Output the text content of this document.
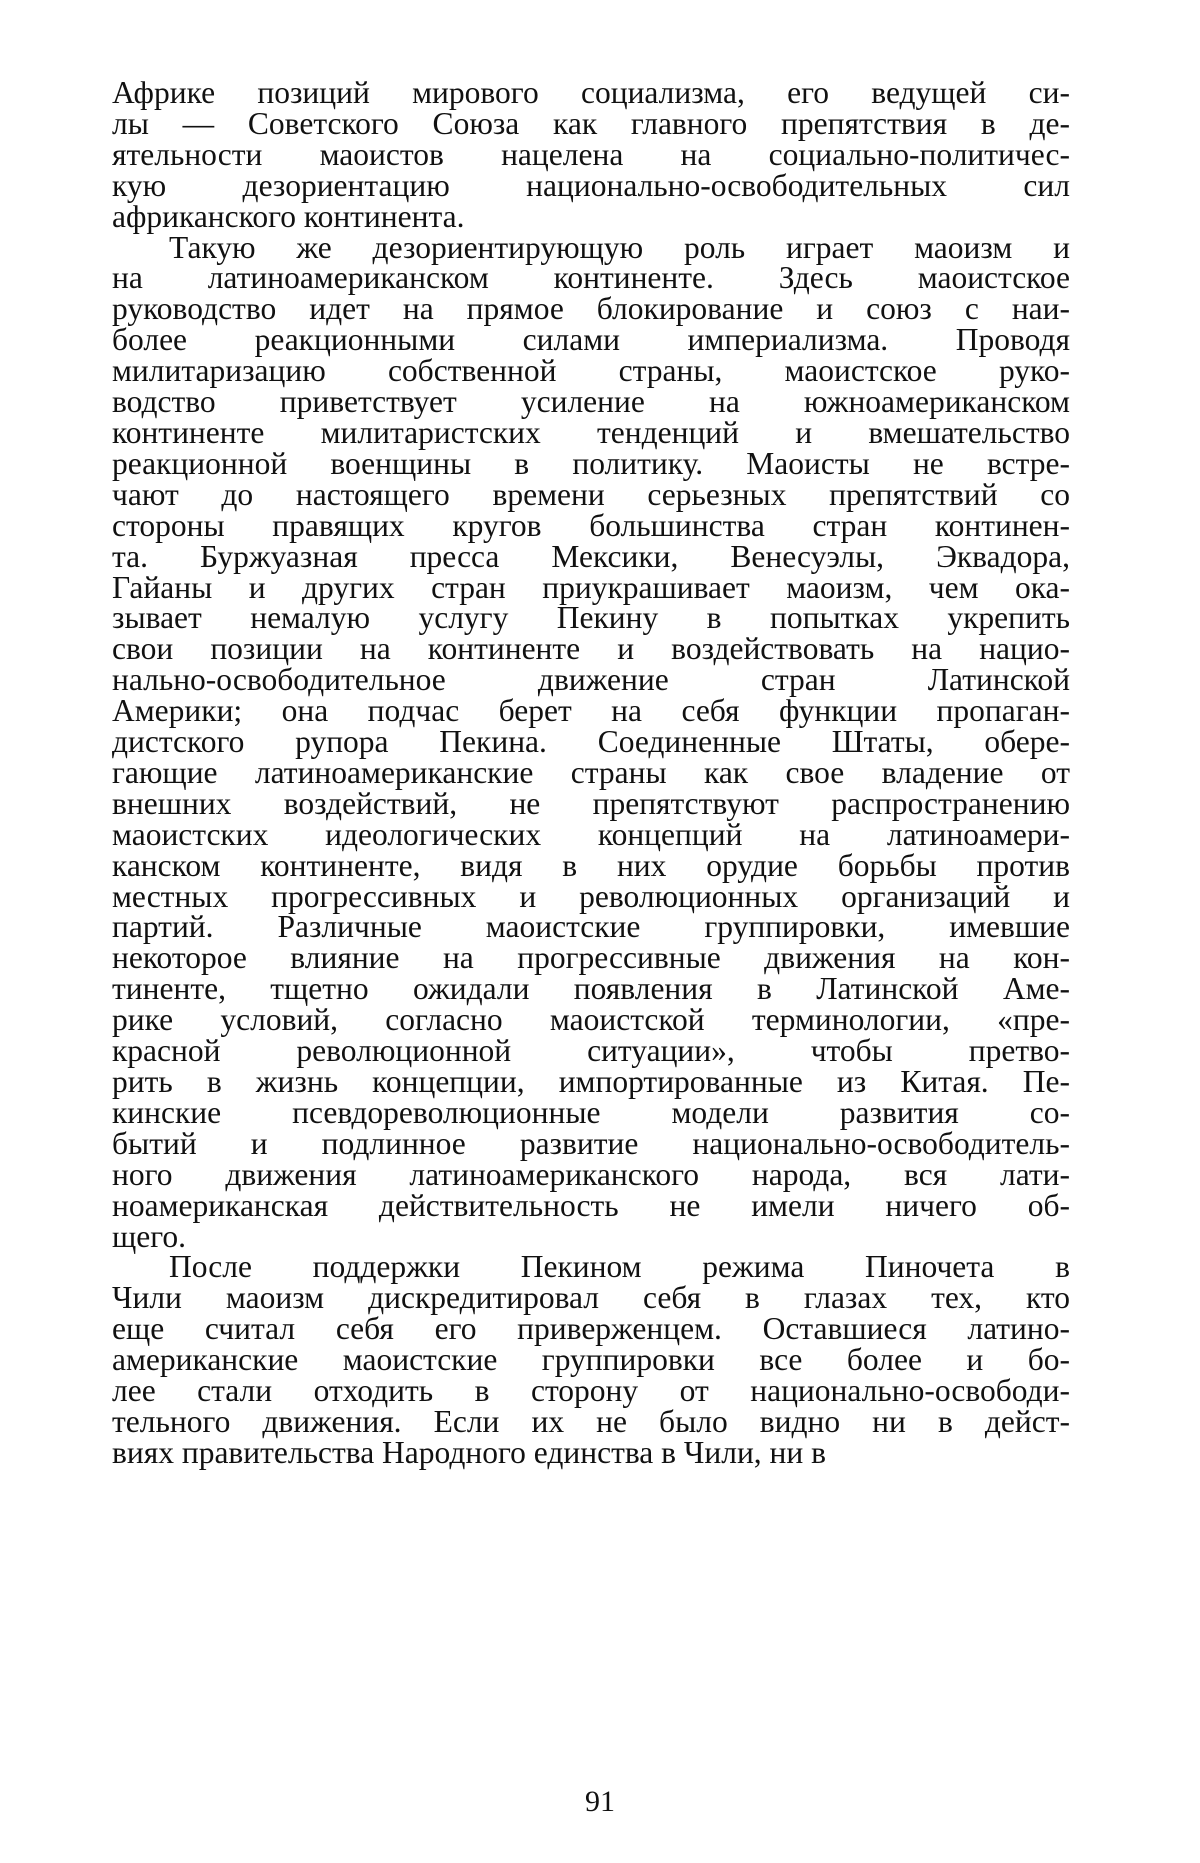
Африке позиций мирового социализма, его ведущей си-
лы — Советского Союза как главного препятствия в де-
ятельности маоистов нацелена на социально-политичес-
кую дезориентацию национально-освободительных сил
африканского континента.

Такую же дезориентирующую роль играет маоизм и
на латиноамериканском континенте. Здесь маоистское
руководство идет на прямое блокирование и союз с наи-
более реакционными силами империализма. Проводя
милитаризацию собственной страны, маоистское руко-
водство приветствует усиление на южноамериканском
континенте милитаристских тенденций и вмешательство
реакционной военщины в политику. Маоисты не встре-
чают до настоящего времени серьезных препятствий со
стороны правящих кругов большинства стран континен-
та. Буржуазная пресса Мексики, Венесуэлы, Эквадора,
Гайаны и других стран приукрашивает маоизм, чем ока-
зывает немалую услугу Пекину в попытках укрепить
свои позиции на континенте и воздействовать на нацио-
нально-освободительное движение стран Латинской
Америки; она подчас берет на себя функции пропаган-
дистского рупора Пекина. Соединенные Штаты, обере-
гающие латиноамериканские страны как свое владение от
внешних воздействий, не препятствуют распространению
маоистских идеологических концепций на латиноамери-
канском континенте, видя в них орудие борьбы против
местных прогрессивных и революционных организаций и
партий. Различные маоистские группировки, имевшие
некоторое влияние на прогрессивные движения на кон-
тиненте, тщетно ожидали появления в Латинской Аме-
рике условий, согласно маоистской терминологии, «пре-
красной революционной ситуации», чтобы претво-
рить в жизнь концепции, импортированные из Китая. Пе-
кинские псевдореволюционные модели развития со-
бытий и подлинное развитие национально-освободитель-
ного движения латиноамериканского народа, вся лати-
ноамериканская действительность не имели ничего об-
щего.

После поддержки Пекином режима Пиночета в
Чили маоизм дискредитировал себя в глазах тех, кто
еще считал себя его приверженцем. Оставшиеся латино-
американские маоистские группировки все более и бо-
лее стали отходить в сторону от национально-освободи-
тельного движения. Если их не было видно ни в дейст-
виях правительства Народного единства в Чили, ни в

91
